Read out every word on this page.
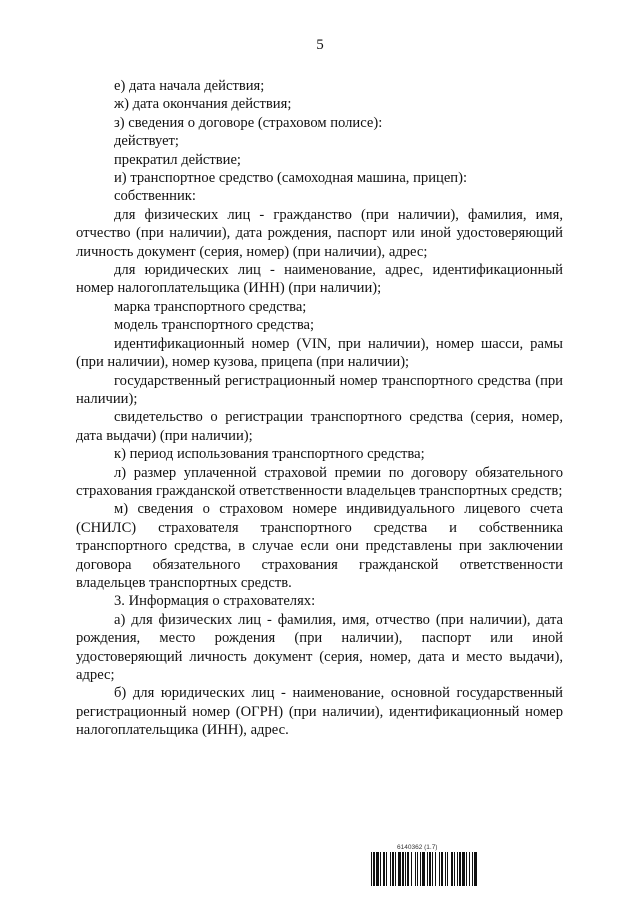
5

е) дата начала действия;

ж) дата окончания действия;

з) сведения о договоре (страховом полисе):

действует;

прекратил действие;

и) транспортное средство (самоходная машина, прицеп):

собственник:

для физических лиц - гражданство (при наличии), фамилия, имя, отчество (при наличии), дата рождения, паспорт или иной удостоверяющий личность документ (серия, номер) (при наличии), адрес;

для юридических лиц - наименование, адрес, идентификационный номер налогоплательщика (ИНН) (при наличии);

марка транспортного средства;

модель транспортного средства;

идентификационный номер (VIN, при наличии), номер шасси, рамы (при наличии), номер кузова, прицепа (при наличии);

государственный регистрационный номер транспортного средства (при наличии);

свидетельство о регистрации транспортного средства (серия, номер, дата выдачи) (при наличии);

к) период использования транспортного средства;

л) размер уплаченной страховой премии по договору обязательного страхования гражданской ответственности владельцев транспортных средств;

м) сведения о страховом номере индивидуального лицевого счета (СНИЛС) страхователя транспортного средства и собственника транспортного средства, в случае если они представлены при заключении договора обязательного страхования гражданской ответственности владельцев транспортных средств.

3. Информация о страхователях:

а) для физических лиц - фамилия, имя, отчество (при наличии), дата рождения, место рождения (при наличии), паспорт или иной удостоверяющий личность документ (серия, номер, дата и место выдачи), адрес;

б) для юридических лиц - наименование, основной государственный регистрационный номер (ОГРН) (при наличии), идентификационный номер налогоплательщика (ИНН), адрес.

6140362 (1.7)
